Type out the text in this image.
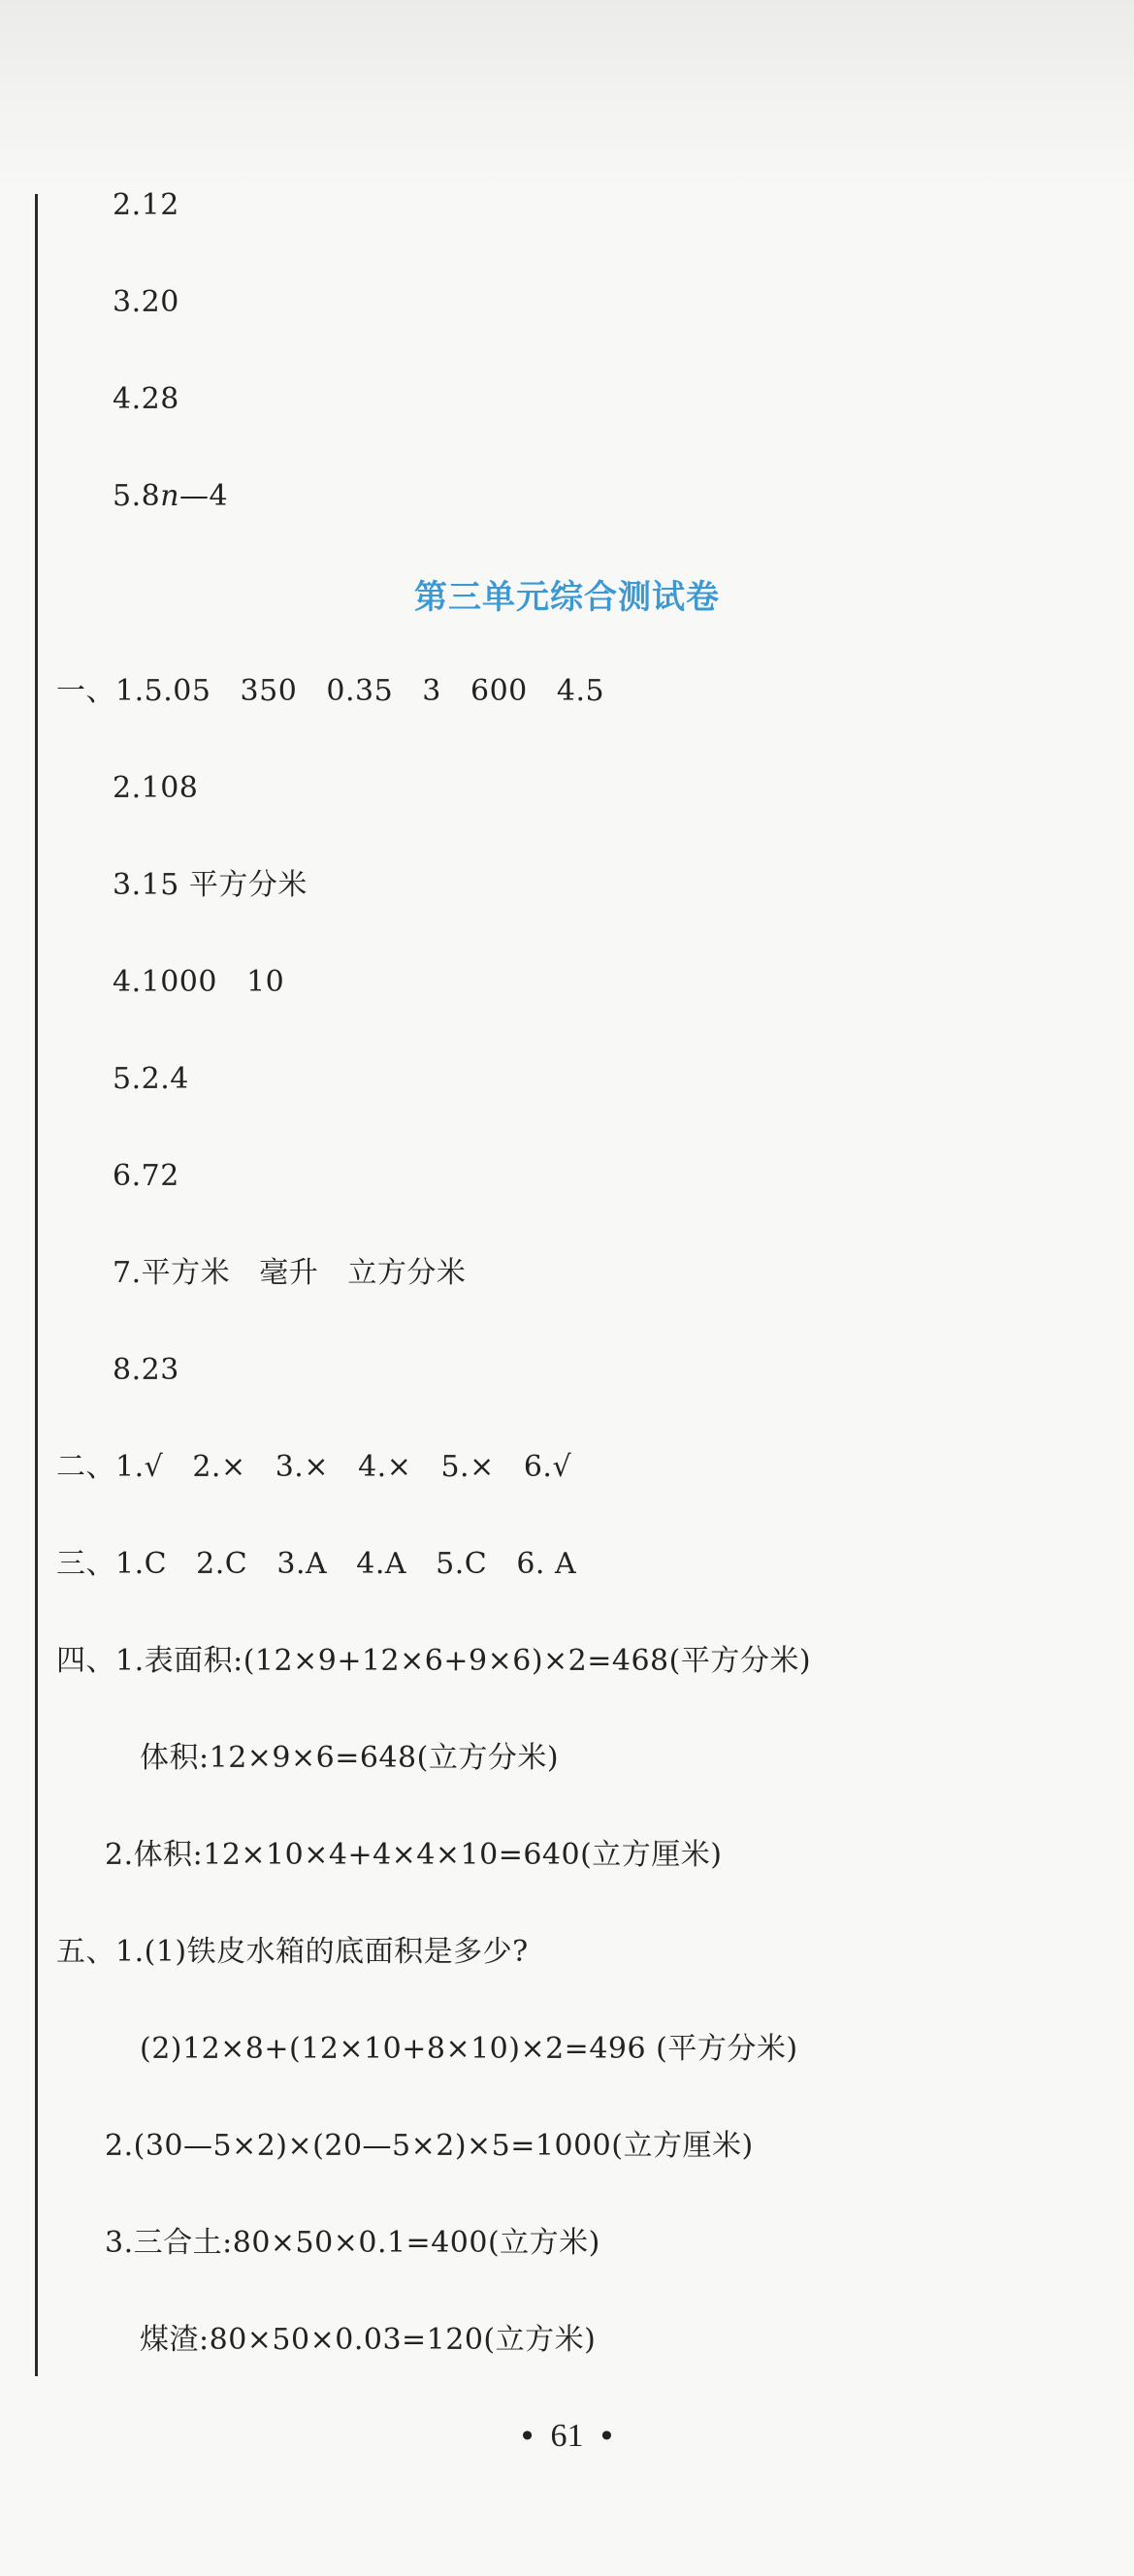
2.12
3.20
4.28
5.8n—4
第三单元综合测试卷
一、1.5.05   350   0.35   3   600   4.5
2.108
3.15 平方分米
4.1000   10
5.2.4
6.72
7.平方米   毫升   立方分米
8.23
二、1.√   2.×   3.×   4.×   5.×   6.√
三、1.C   2.C   3.A   4.A   5.C   6. A
四、1.表面积:(12×9+12×6+9×6)×2=468(平方分米)
体积:12×9×6=648(立方分米)
2.体积:12×10×4+4×4×10=640(立方厘米)
五、1.(1)铁皮水箱的底面积是多少?
(2)12×8+(12×10+8×10)×2=496 (平方分米)
2.(30—5×2)×(20—5×2)×5=1000(立方厘米)
3.三合土:80×50×0.1=400(立方米)
煤渣:80×50×0.03=120(立方米)
• 61 •
